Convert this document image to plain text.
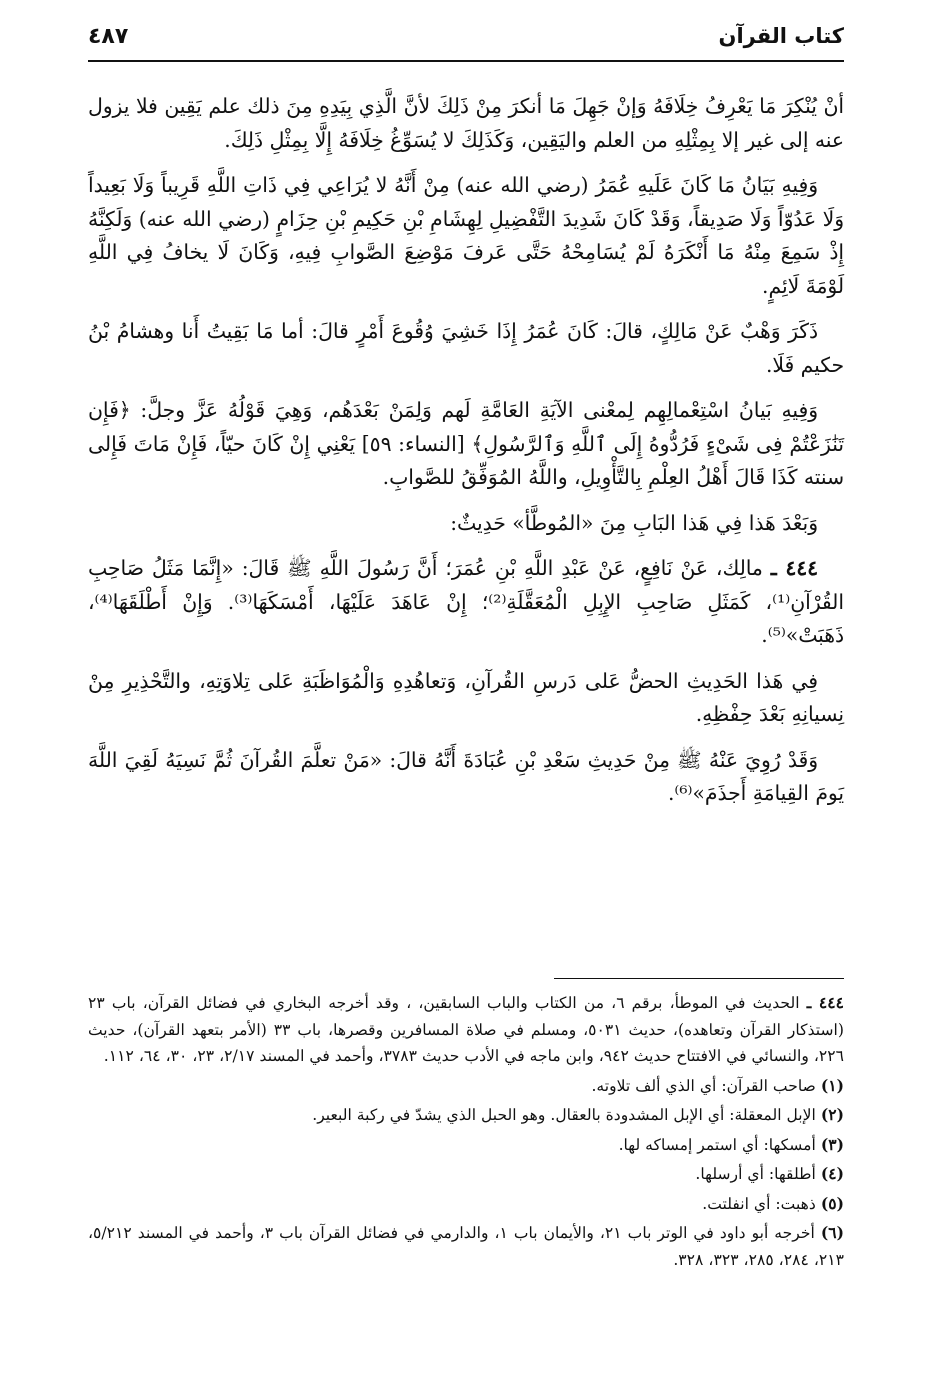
كتاب القرآن
٤٨٧

أنْ يُنْكِرَ مَا يَعْرِفُ خِلَافَهُ وَإنْ جَهِلَ مَا أنكرَ مِنْ ذَلِكَ لأنَّ الَّذِي بِيَدِهِ مِنَ ذلك علم يَقِين فلا يزول عنه إلى غير إلا بِمِثْلِهِ من العلم واليَقِين، وَكَذَلِكَ لا يُسَوِّغُ خِلَافَهُ إِلَّا بِمِثْلِ ذَلِكَ.

وَفِيهِ بَيَانُ مَا كَانَ عَلَيهِ عُمَرُ (رضي الله عنه) مِنْ أَنَّهُ لا يُرَاعِي فِي ذَاتِ اللَّهِ قَرِيباً وَلَا بَعِيداً وَلَا عَدُوّاً وَلَا صَدِيقاً، وَقَدْ كَانَ شَدِيدَ التَّفْضِيلِ لِهِشَامِ بْنِ حَكِيمِ بْنِ حِزَامٍ (رضي الله عنه) وَلَكِنَّهُ إِذْ سَمِعَ مِنْهُ مَا أَنْكَرَهُ لَمْ يُسَامِحْهُ حَتَّى عَرفَ مَوْضِعَ الصَّوابِ فِيهِ، وَكَانَ لَا يخافُ فِي اللَّهِ لَوْمَةَ لَائِمٍ.

ذَكَرَ وَهْبٌ عَنْ مَالِكٍ، قالَ: كَانَ عُمَرُ إِذَا خَشِيَ وُقُوعَ أَمْرٍ قالَ: أما مَا بَقِيتُ أَنا وهشامُ بْنُ حكيم فَلَا.

وَفِيهِ بَيانُ اسْتِعْمالِهِم لِمعْنى الآيَةِ العَامَّةِ لَهم وَلِمَنْ بَعْدَهُم، وَهِيَ قَوْلُهُ عَزَّ وجلَّ: ﴿فَإِن تَنَٰزَعْتُمْ فِى شَىْءٍ فَرُدُّوهُ إِلَى ٱللَّهِ وَٱلرَّسُولِ﴾ [النساء: ٥٩] يَعْنِي إِنْ كَانَ حيّاً، فَإِنْ مَاتَ فَإِلى سنته كَذَا قَالَ أَهْلُ العِلْمِ بِالتَّأْوِيلِ، واللَّهُ المُوَفِّقُ للصَّوابِ.

وَبَعْدَ هَذا فِي هَذا البَابِ مِنَ «المُوطَّأ» حَدِيثٌ:

٤٤٤ ـ مالِك، عَنْ نَافِعٍ، عَنْ عَبْدِ اللَّهِ بْنِ عُمَرَ؛ أَنَّ رَسُولَ اللَّهِ ﷺ قَالَ: «إِنَّمَا مَثَلُ صَاحِبِ القُرْآنِ⁽¹⁾، كَمَثَلِ صَاحِبِ الإِبِلِ الْمُعَقَّلَةِ⁽²⁾؛ إِنْ عَاهَدَ عَلَيْهَا، أَمْسَكَهَا⁽³⁾. وَإِنْ أَطْلَقَهَا⁽⁴⁾، ذَهَبَتْ»⁽⁵⁾.

فِي هَذا الحَدِيثِ الحضُّ عَلى دَرسِ القُرآنِ، وَتعاهُدِهِ وَالْمُوَاظَبَةِ عَلى تِلاوَتِهِ، والتَّحْذِيرِ مِنْ نِسيانِهِ بَعْدَ حِفْظِهِ.

وَقَدْ رُوِيَ عَنْهُ ﷺ مِنْ حَدِيثِ سَعْدِ بْنِ عُبَادَةَ أَنَّهُ قالَ: «مَنْ تعلَّمَ القُرآنَ ثُمَّ نَسِيَهُ لَقِيَ اللَّهَ يَومَ القِيامَةِ أَجذَمَ»⁽⁶⁾.

٤٤٤ ـ الحديث في الموطأ، برقم ٦، من الكتاب والباب السابقين، ، وقد أخرجه البخاري في فضائل القرآن، باب ٢٣ (استذكار القرآن وتعاهده)، حديث ٥٠٣١، ومسلم في صلاة المسافرين وقصرها، باب ٣٣ (الأمر بتعهد القرآن)، حديث ٢٢٦، والنسائي في الافتتاح حديث ٩٤٢، وابن ماجه في الأدب حديث ٣٧٨٣، وأحمد في المسند ٢/١٧، ٢٣، ٣٠، ٦٤، ١١٢.

(١) صاحب القرآن: أي الذي ألف تلاوته.

(٢) الإبل المعقلة: أي الإبل المشدودة بالعقال. وهو الحبل الذي يشدّ في ركبة البعير.

(٣) أمسكها: أي استمر إمساكه لها.

(٤) أطلقها: أي أرسلها.

(٥) ذهبت: أي انفلتت.

(٦) أخرجه أبو داود في الوتر باب ٢١، والأيمان باب ١، والدارمي في فضائل القرآن باب ٣، وأحمد في المسند ٥/٢١٢، ٢١٣، ٢٨٤، ٢٨٥، ٣٢٣، ٣٢٨.
